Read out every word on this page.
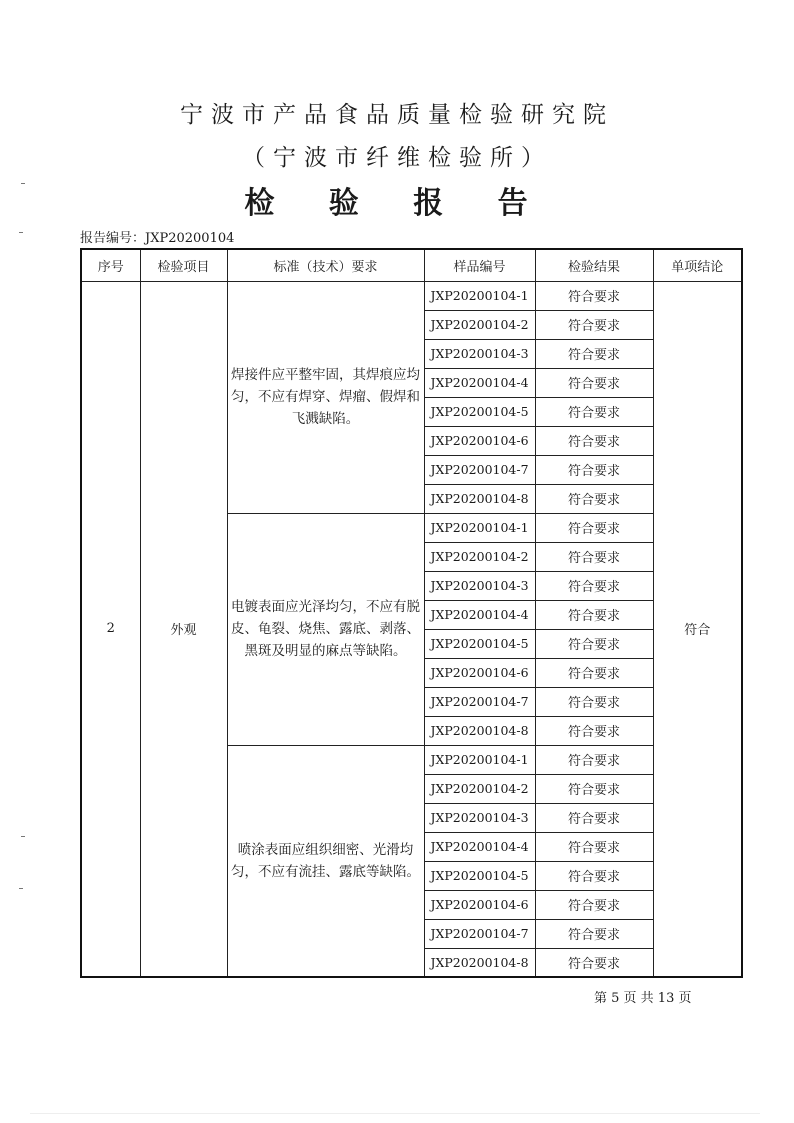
宁波市产品食品质量检验研究院
（宁波市纤维检验所）
检 验 报 告
报告编号：JXP20200104
序号	检验项目	标准（技术）要求	样品编号	检验结果	单项结论
2	外观	焊接件应平整牢固，其焊痕应均匀，不应有焊穿、焊瘤、假焊和飞溅缺陷。	JXP20200104-1	符合要求	符合
			JXP20200104-2	符合要求	
			JXP20200104-3	符合要求	
			JXP20200104-4	符合要求	
			JXP20200104-5	符合要求	
			JXP20200104-6	符合要求	
			JXP20200104-7	符合要求	
			JXP20200104-8	符合要求	
		电镀表面应光泽均匀，不应有脱皮、龟裂、烧焦、露底、剥落、黑斑及明显的麻点等缺陷。	JXP20200104-1	符合要求	
			JXP20200104-2	符合要求	
			JXP20200104-3	符合要求	
			JXP20200104-4	符合要求	
			JXP20200104-5	符合要求	
			JXP20200104-6	符合要求	
			JXP20200104-7	符合要求	
			JXP20200104-8	符合要求	
		喷涂表面应组织细密、光滑均匀，不应有流挂、露底等缺陷。	JXP20200104-1	符合要求	
			JXP20200104-2	符合要求	
			JXP20200104-3	符合要求	
			JXP20200104-4	符合要求	
			JXP20200104-5	符合要求	
			JXP20200104-6	符合要求	
			JXP20200104-7	符合要求	
			JXP20200104-8	符合要求	
第 5 页 共 13 页
